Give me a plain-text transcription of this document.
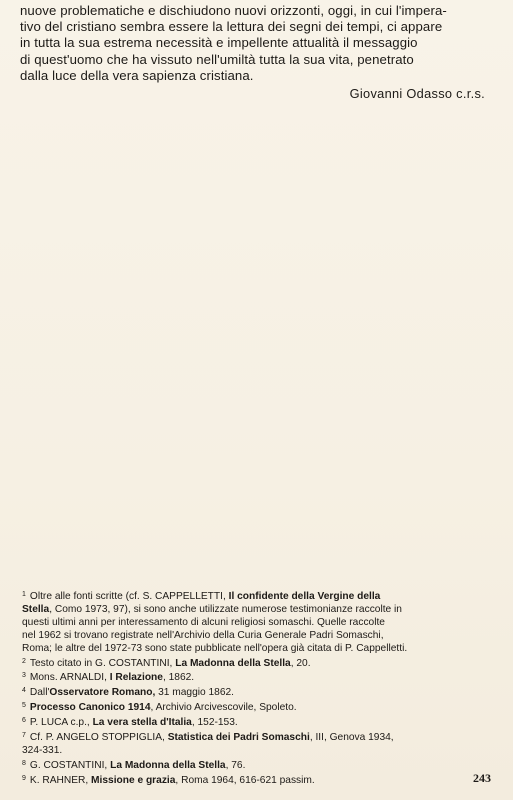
nuove problematiche e dischiudono nuovi orizzonti, oggi, in cui l'impera-
tivo del cristiano sembra essere la lettura dei segni dei tempi, ci appare
in tutta la sua estrema necessità e impellente attualità il messaggio
di quest'uomo che ha vissuto nell'umiltà tutta la sua vita, penetrato
dalla luce della vera sapienza cristiana.
Giovanni Odasso c.r.s.
$^1$ Oltre alle fonti scritte (cf. S. CAPPELLETTI, Il confidente della Vergine della
Stella, Como 1973, 97), si sono anche utilizzate numerose testimonianze raccolte in
questi ultimi anni per interessamento di alcuni religiosi somaschi. Quelle raccolte
nel 1962 si trovano registrate nell'Archivio della Curia Generale Padri Somaschi,
Roma; le altre del 1972-73 sono state pubblicate nell'opera già citata di P. Cappelletti.
$^2$ Testo citato in G. COSTANTINI, La Madonna della Stella, 20.
$^3$ Mons. ARNALDI, I Relazione, 1862.
$^4$ Dall'Osservatore Romano, 31 maggio 1862.
$^5$ Processo Canonico 1914, Archivio Arcivescovile, Spoleto.
$^6$ P. LUCA c.p., La vera stella d'Italia, 152-153.
$^7$ Cf. P. ANGELO STOPPIGLIA, Statistica dei Padri Somaschi, III, Genova 1934,
324-331.
$^8$ G. COSTANTINI, La Madonna della Stella, 76.
$^9$ K. RAHNER, Missione e grazia, Roma 1964, 616-621 passim.	243
